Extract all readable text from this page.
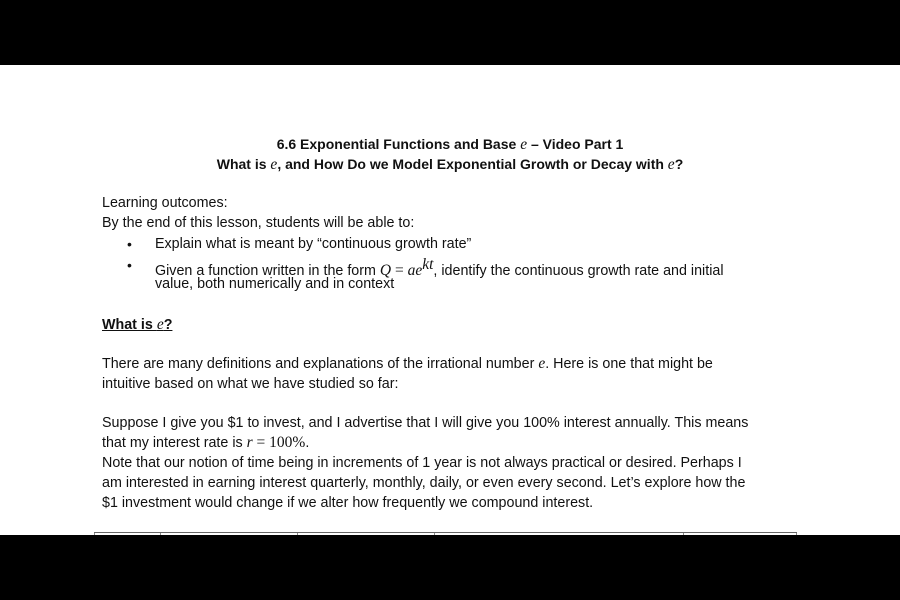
6.6 Exponential Functions and Base e – Video Part 1
What is e, and How Do we Model Exponential Growth or Decay with e?
Learning outcomes:
By the end of this lesson, students will be able to:
• Explain what is meant by “continuous growth rate”
• Given a function written in the form $Q = ae^{kt}$, identify the continuous growth rate and initial
value, both numerically and in context
What is e?
There are many definitions and explanations of the irrational number e. Here is one that might be
intuitive based on what we have studied so far:
Suppose I give you $1 to invest, and I advertise that I will give you 100% interest annually. This means
that my interest rate is r = 100%.
Note that our notion of time being in increments of 1 year is not always practical or desired. Perhaps I
am interested in earning interest quarterly, monthly, daily, or even every second. Let’s explore how the
$1 investment would change if we alter how frequently we compound interest.
